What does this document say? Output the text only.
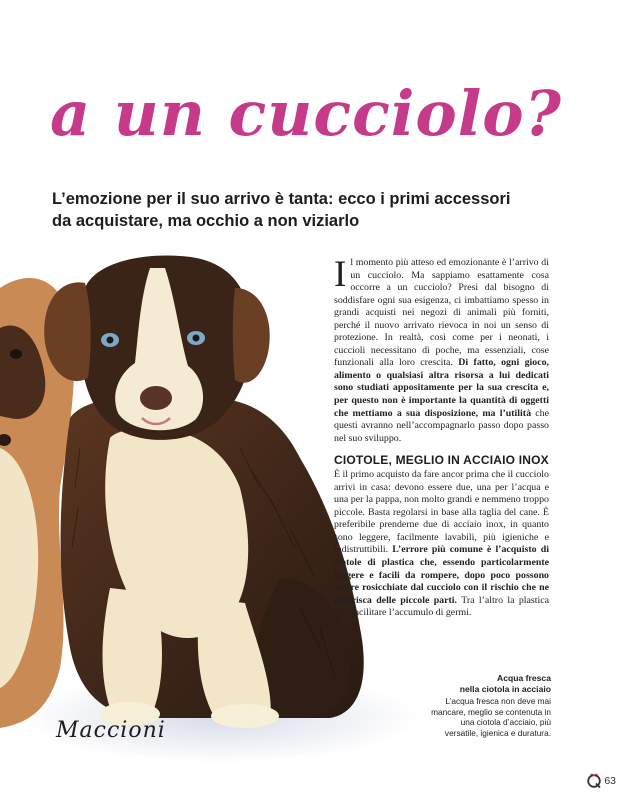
a un cucciolo?
L’emozione per il suo arrivo è tanta: ecco i primi accessori
da acquistare, ma occhio a non viziarlo
Maccioni

Il momento più atteso ed emozionante è l’arrivo di un cucciolo. Ma sappiamo esattamente cosa occorre a un cucciolo? Presi dal bisogno di soddisfare ogni sua esigenza, ci imbattiamo spesso in grandi acquisti nei negozi di animali più forniti, perché il nuovo arrivato rievoca in noi un senso di protezione. In realtà, così come per i neonati, i cuccioli necessitano di poche, ma essenziali, cose funzionali alla loro crescita. Di fatto, ogni gioco, alimento o qualsiasi altra risorsa a lui dedicati sono studiati appositamente per la sua crescita e, per questo non è importante la quantità di oggetti che mettiamo a sua disposizione, ma l’utilità che questi avranno nell’accompagnarlo passo dopo passo nel suo sviluppo.

CIOTOLE, MEGLIO IN ACCIAIO INOX

È il primo acquisto da fare ancor prima che il cucciolo arrivi in casa: devono essere due, una per l’acqua e una per la pappa, non molto grandi e nemmeno troppo piccole. Basta regolarsi in base alla taglia del cane. È preferibile prenderne due di acciaio inox, in quanto sono leggere, facilmente lavabili, più igieniche e indistruttibili. L’errore più comune è l’acquisto di ciotole di plastica che, essendo particolarmente leggere e facili da rompere, dopo poco possono essere rosicchiate dal cucciolo con il rischio che ne ingerisca delle piccole parti. Tra l’altro la plastica può facilitare l’accumulo di germi.

Acqua fresca
nella ciotola in acciaio
L’acqua fresca non deve mai mancare, meglio se contenuta in una ciotola d’acciaio, più versatile, igienica e duratura.
63
